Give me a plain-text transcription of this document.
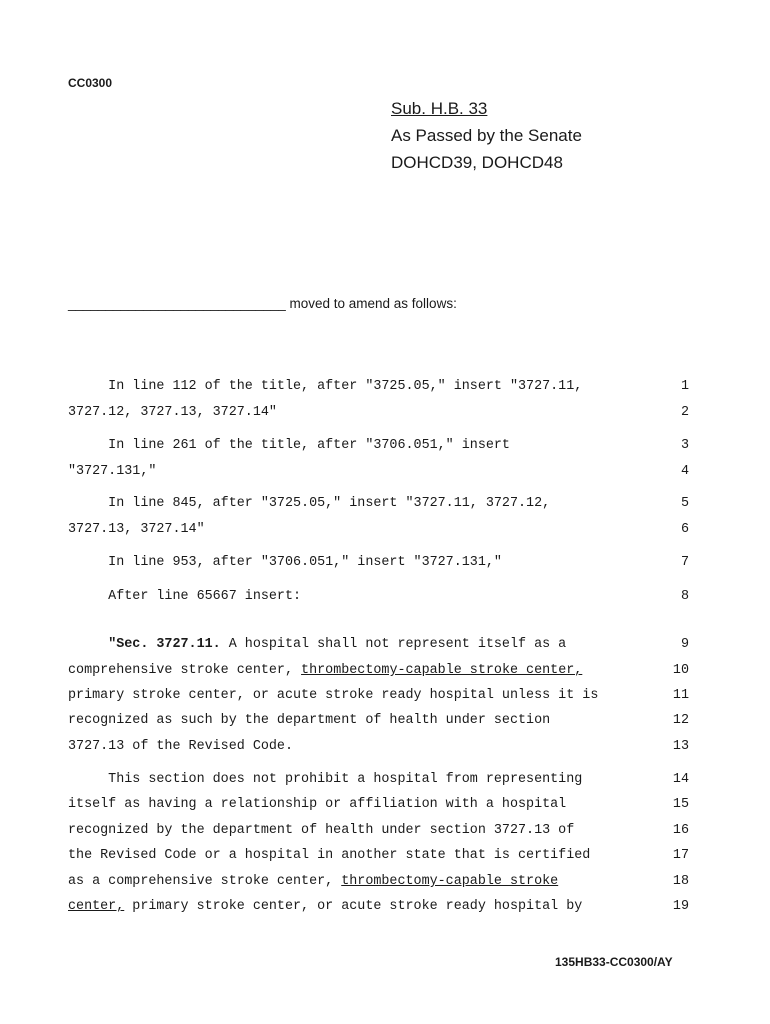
CC0300
Sub. H.B. 33
As Passed by the Senate
DOHCD39, DOHCD48
_____________________________ moved to amend as follows:
In line 112 of the title, after "3725.05," insert "3727.11,	1
3727.12, 3727.13, 3727.14"	2
In line 261 of the title, after "3706.051," insert	3
"3727.131,"	4
In line 845, after "3725.05," insert "3727.11, 3727.12,	5
3727.13, 3727.14"	6
In line 953, after "3706.051," insert "3727.131,"	7
After line 65667 insert:	8
"Sec. 3727.11. A hospital shall not represent itself as a	9
comprehensive stroke center, thrombectomy-capable stroke center,	10
primary stroke center, or acute stroke ready hospital unless it is	11
recognized as such by the department of health under section	12
3727.13 of the Revised Code.	13
This section does not prohibit a hospital from representing	14
itself as having a relationship or affiliation with a hospital	15
recognized by the department of health under section 3727.13 of	16
the Revised Code or a hospital in another state that is certified	17
as a comprehensive stroke center, thrombectomy-capable stroke	18
center, primary stroke center, or acute stroke ready hospital by	19
135HB33-CC0300/AY
